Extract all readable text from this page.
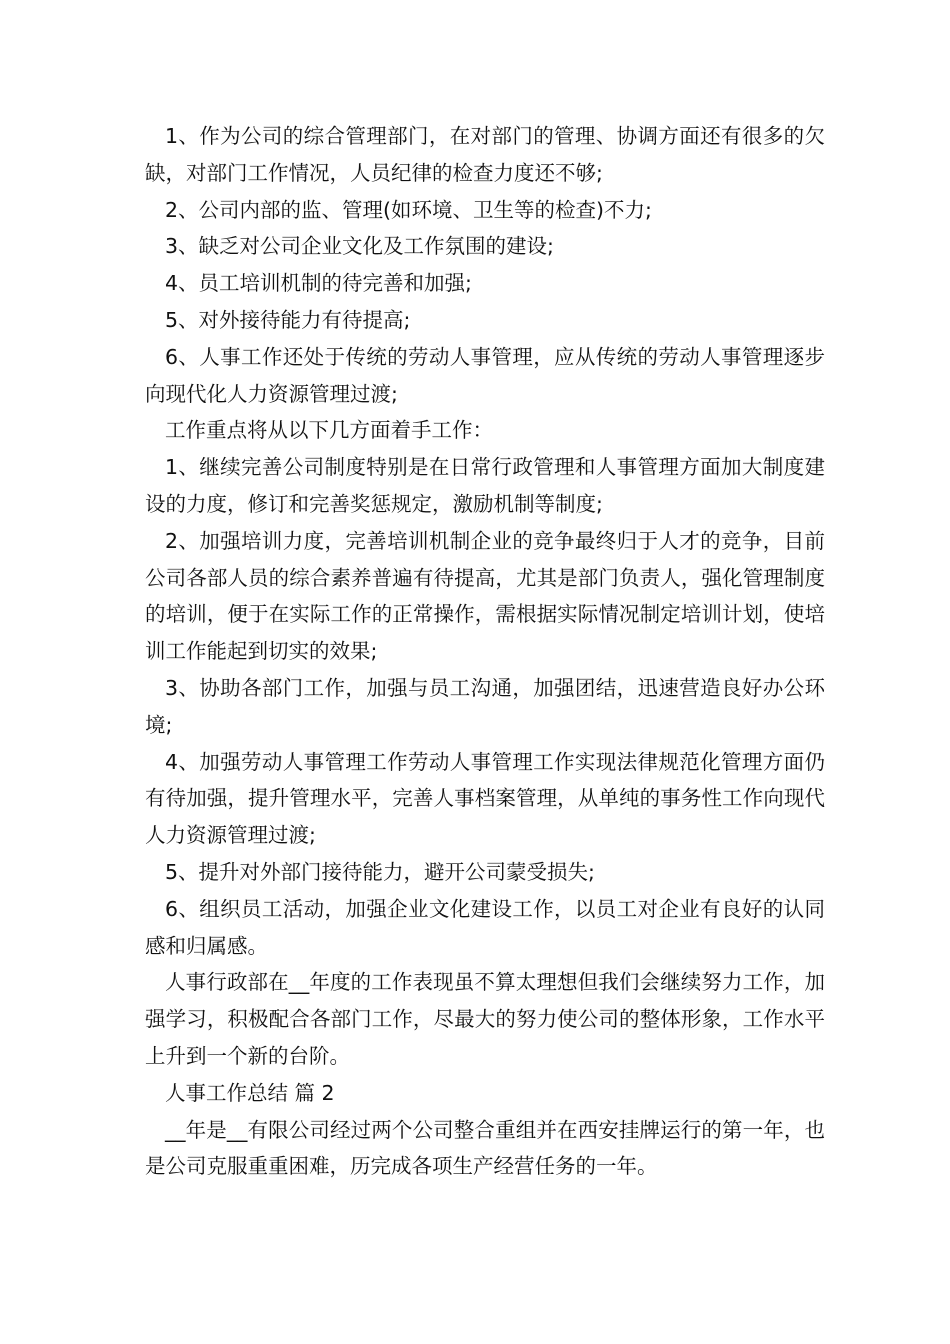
1、作为公司的综合管理部门，在对部门的管理、协调方面还有很多的欠缺，对部门工作情况，人员纪律的检查力度还不够;

2、公司内部的监、管理(如环境、卫生等的检查)不力;

3、缺乏对公司企业文化及工作氛围的建设;

4、员工培训机制的待完善和加强;

5、对外接待能力有待提高;

6、人事工作还处于传统的劳动人事管理，应从传统的劳动人事管理逐步向现代化人力资源管理过渡;

工作重点将从以下几方面着手工作：

1、继续完善公司制度特别是在日常行政管理和人事管理方面加大制度建设的力度，修订和完善奖惩规定，激励机制等制度;

2、加强培训力度，完善培训机制企业的竞争最终归于人才的竞争，目前公司各部人员的综合素养普遍有待提高，尤其是部门负责人，强化管理制度的培训，便于在实际工作的正常操作，需根据实际情况制定培训计划，使培训工作能起到切实的效果;

3、协助各部门工作，加强与员工沟通，加强团结，迅速营造良好办公环境;

4、加强劳动人事管理工作劳动人事管理工作实现法律规范化管理方面仍有待加强，提升管理水平，完善人事档案管理，从单纯的事务性工作向现代人力资源管理过渡;

5、提升对外部门接待能力，避开公司蒙受损失;

6、组织员工活动，加强企业文化建设工作，以员工对企业有良好的认同感和归属感。

人事行政部在__年度的工作表现虽不算太理想但我们会继续努力工作，加强学习，积极配合各部门工作，尽最大的努力使公司的整体形象，工作水平上升到一个新的台阶。

人事工作总结 篇 2

__年是__有限公司经过两个公司整合重组并在西安挂牌运行的第一年，也是公司克服重重困难，历完成各项生产经营任务的一年。
